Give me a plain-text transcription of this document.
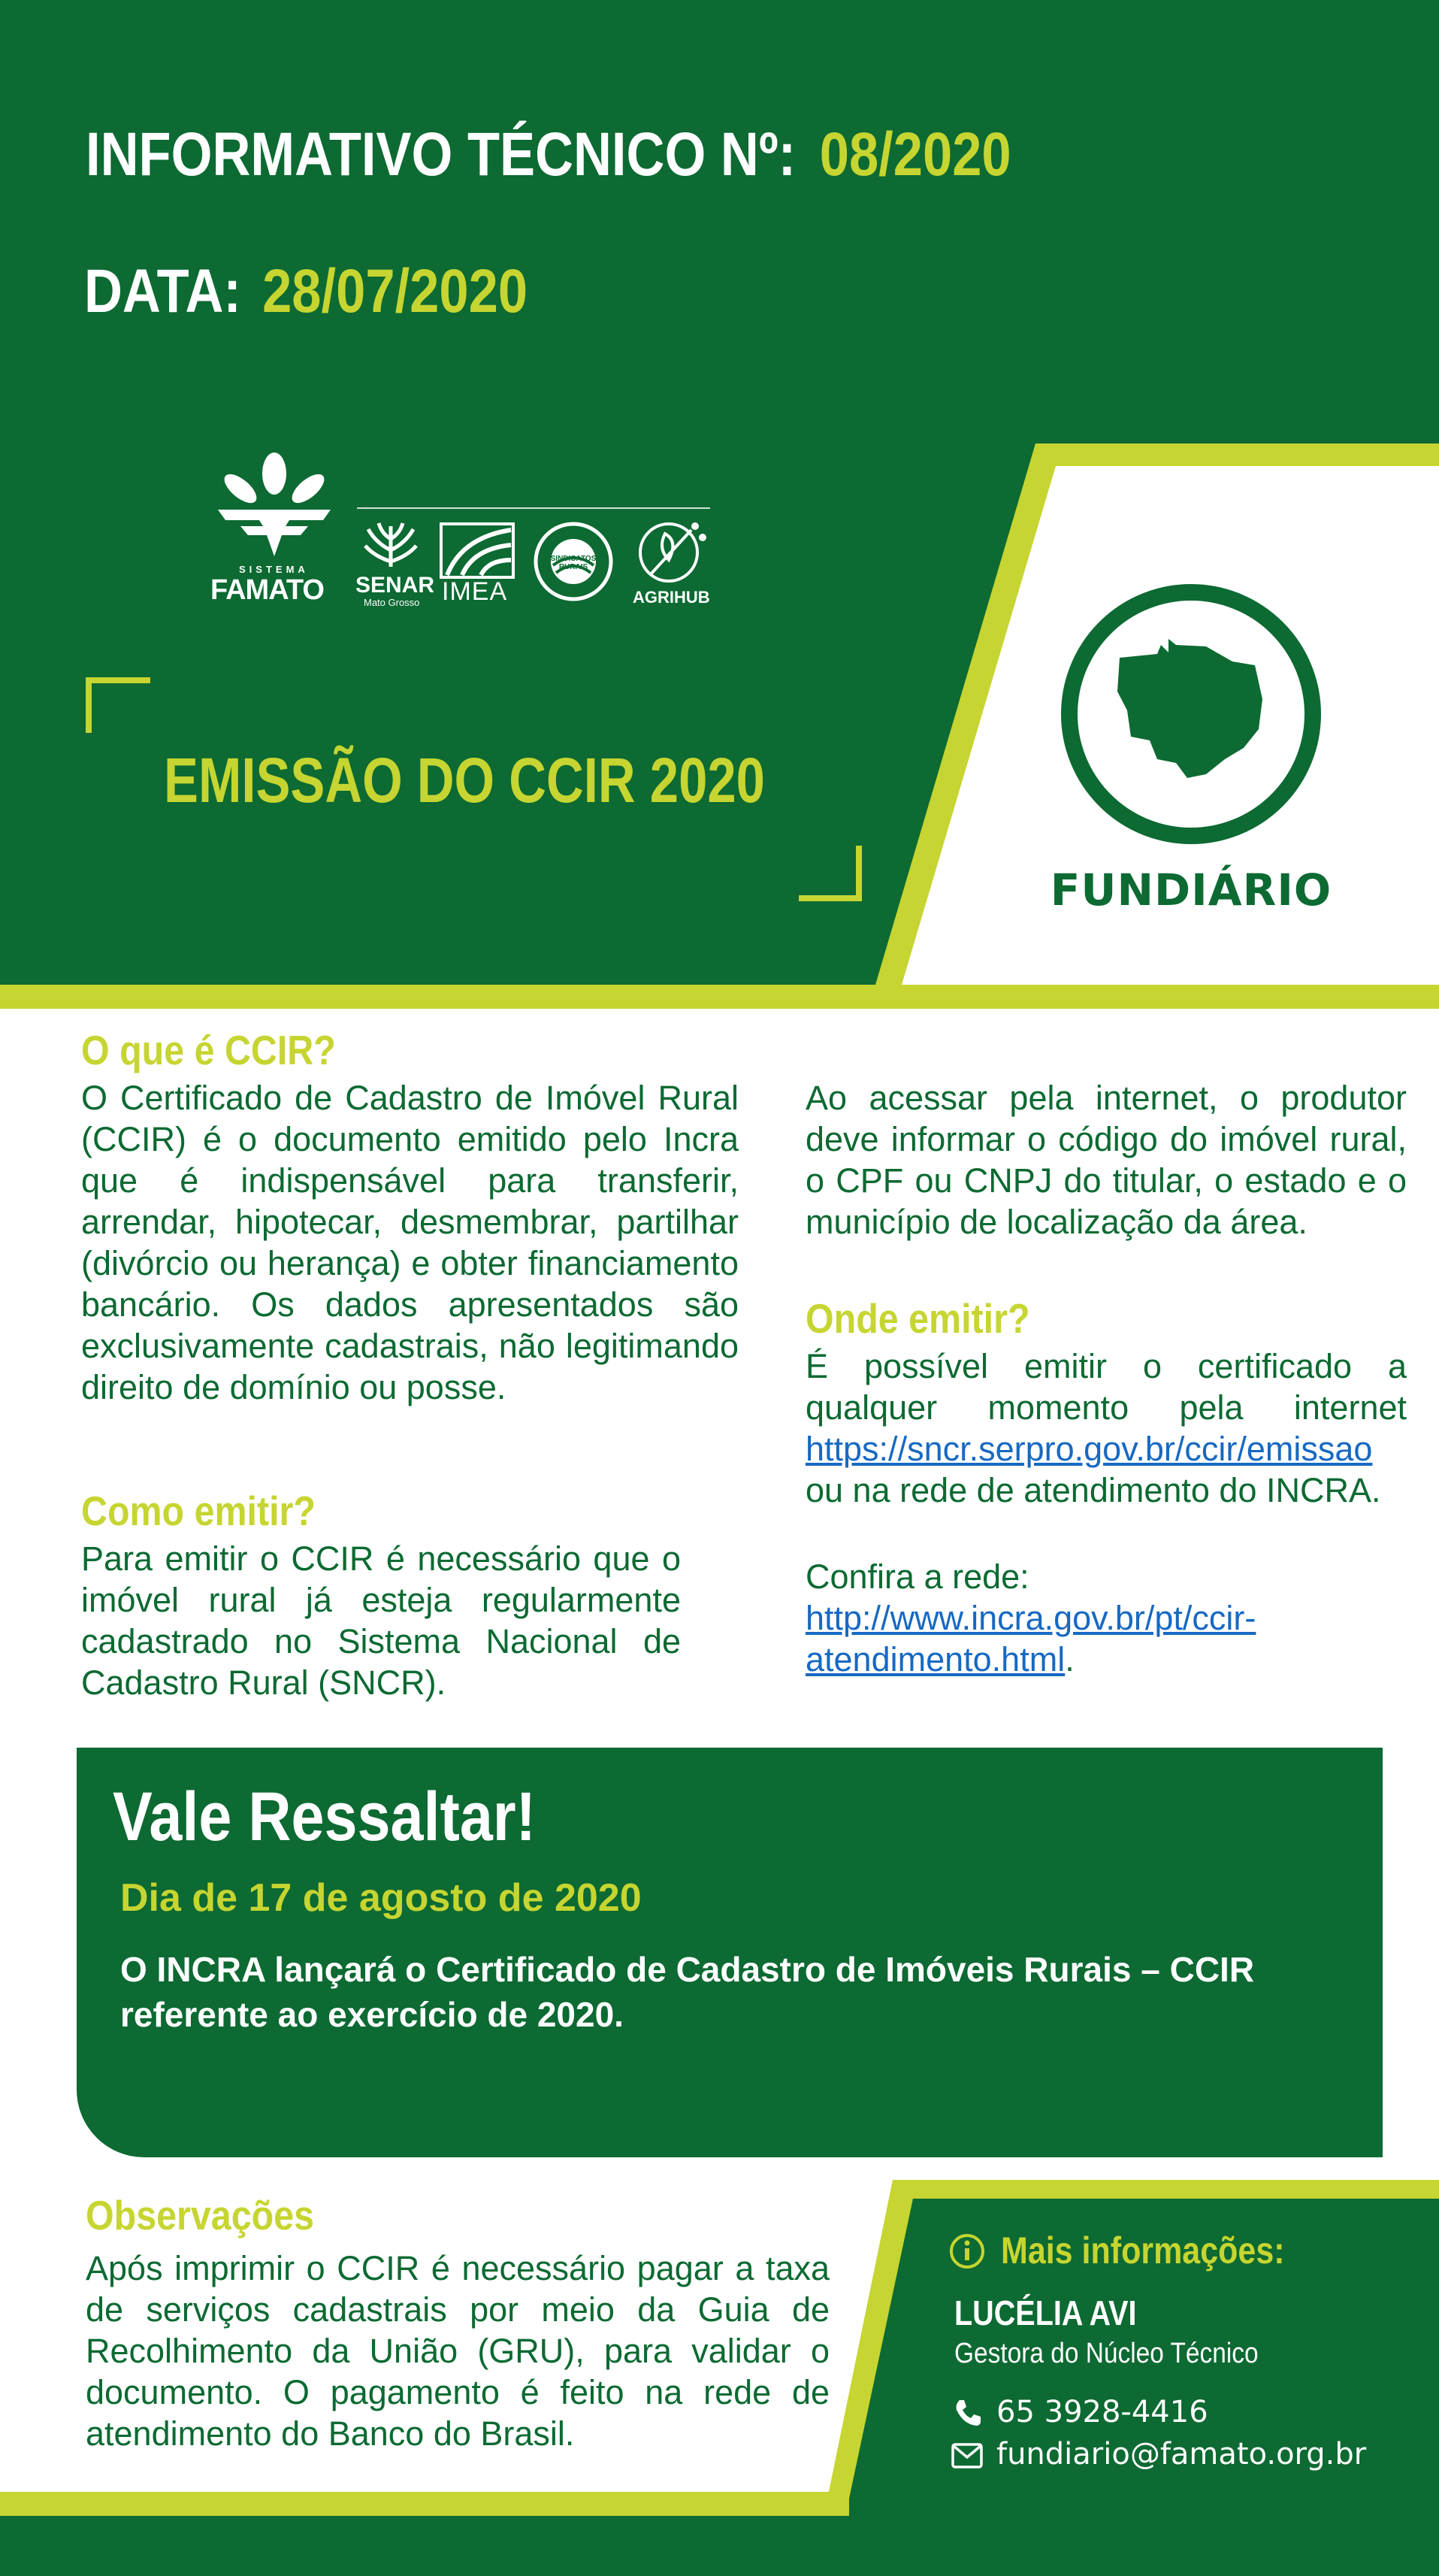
INFORMATIVO TÉCNICO Nº: 08/2020
DATA: 28/07/2020
SISTEMA
FAMATO SENAR
Mato Grosso IMEA
SINDICATOS RURAIS
AGRIHUB
EMISSÃO DO CCIR 2020
FUNDIÁRIO
O que é CCIR?
O Certificado de Cadastro de Imóvel Rural (CCIR) é o documento emitido pelo Incra que é indispensável para transferir, arrendar, hipotecar, desmembrar, partilhar (divórcio ou herança) e obter financiamento bancário. Os dados apresentados são exclusivamente cadastrais, não legitimando direito de domínio ou posse.
Como emitir?
Para emitir o CCIR é necessário que o imóvel rural já esteja regularmente cadastrado no Sistema Nacional de Cadastro Rural (SNCR).
Ao acessar pela internet, o produtor deve informar o código do imóvel rural, o CPF ou CNPJ do titular, o estado e o município de localização da área.
Onde emitir?
É possível emitir o certificado a qualquer momento pela internet https://sncr.serpro.gov.br/ccir/emissao ou na rede de atendimento do INCRA.
Confira a rede:
http://www.incra.gov.br/pt/ccir-
atendimento.html.
Vale Ressaltar!
Dia de 17 de agosto de 2020
O INCRA lançará o Certificado de Cadastro de Imóveis Rurais – CCIR referente ao exercício de 2020.
Observações
Após imprimir o CCIR é necessário pagar a taxa de serviços cadastrais por meio da Guia de Recolhimento da União (GRU), para validar o documento. O pagamento é feito na rede de atendimento do Banco do Brasil.
Mais informações:
LUCÉLIA AVI
Gestora do Núcleo Técnico
65 3928-4416
fundiario@famato.org.br
